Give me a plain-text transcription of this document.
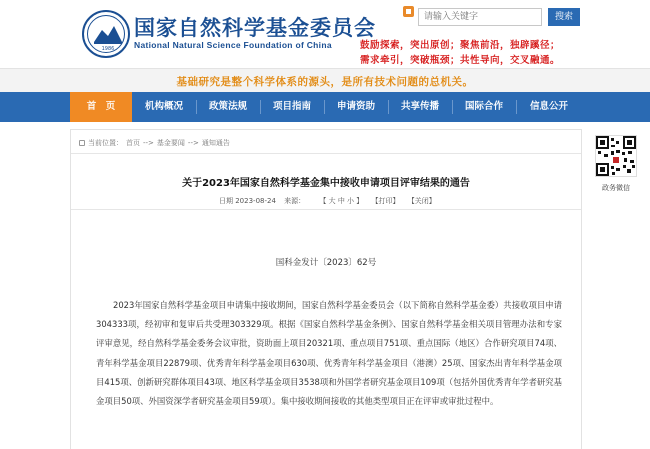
1986
国家自然科学基金委员会
National Natural Science Foundation of China
请输入关键字
搜索
鼓励探索，突出原创；聚焦前沿，独辟蹊径；
需求牵引，突破瓶颈；共性导向，交叉融通。
基础研究是整个科学体系的源头，是所有技术问题的总机关。
首　页	机构概况	政策法规	项目指南	申请资助	共享传播	国际合作	信息公开
当前位置： 首页 --> 基金要闻 --> 通知通告
关于2023年国家自然科学基金集中接收申请项目评审结果的通告
日期 2023-08-24 来源： 【 大 中 小 】 【打印】 【关闭】
国科金发计〔2023〕62号
2023年国家自然科学基金项目申请集中接收期间，国家自然科学基金委员会（以下简称自然科学基金委）共接收项目申请304333项，经初审和复审后共受理303329项。根据《国家自然科学基金条例》、国家自然科学基金相关项目管理办法和专家评审意见，经自然科学基金委务会议审批，资助面上项目20321项、重点项目751项、重点国际（地区）合作研究项目74项、青年科学基金项目22879项、优秀青年科学基金项目630项、优秀青年科学基金项目（港澳）25项、国家杰出青年科学基金项目415项、创新研究群体项目43项、地区科学基金项目3538项和外国学者研究基金项目109项（包括外国优秀青年学者研究基金项目50项、外国资深学者研究基金项目59项）。集中接收期间接收的其他类型项目正在评审或审批过程中。
政务微信
